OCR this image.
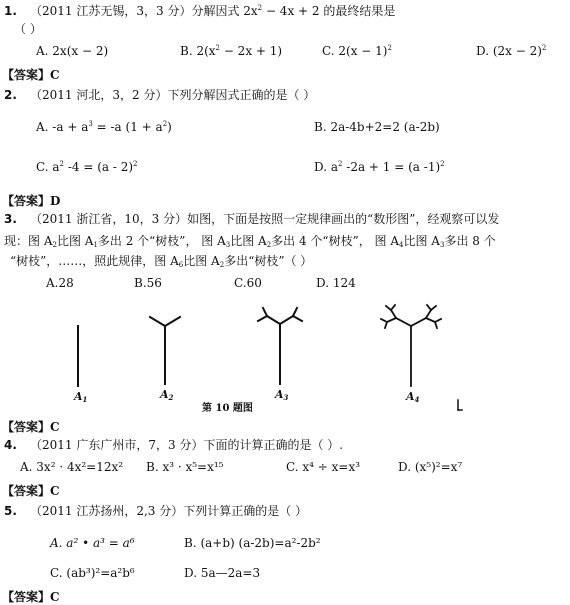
1. （2011 江苏无锡，3，3 分）分解因式 $2x^2 - 4x + 2$ 的最终结果是
（ ）
A. 2x(x − 2)	B. $2(x^2 - 2x + 1)$	C. $2(x - 1)^2$	D. $(2x - 2)^2$
【答案】C
2. （2011 河北，3，2 分）下列分解因式正确的是（ ）
A. $-a + a^3 = -a$ $(1 + a^2)$	B. 2a-4b+2=2 (a-2b)
C. $a^2$ -4 = (a - 2)$^2$	D. $a^2$ -2a + 1 = (a -1)$^2$
【答案】D
3. （2011 浙江省，10，3 分）如图，下面是按照一定规律画出的“数形图”，经观察可以发
现：图 $A_2$比图 $A_1$多出 2 个“树枝”， 图 $A_3$比图 $A_2$多出 4 个“树枝”， 图 $A_4$比图 $A_3$多出 8 个
“树枝”，……，照此规律，图 $A_6$比图 $A_2$多出“树枝”（ ）
A.28	B.56	C.60	D. 124
$A_1$	$A_2$	$A_3$	$A_4$
第 10 题图
【答案】C
4. （2011 广东广州市，7，3 分）下面的计算正确的是（ ）.
A. 3x² · 4x²=12x² B. x³ · x⁵=x¹⁵	C. x⁴ ÷ x=x³	D. (x⁵)²=x⁷
【答案】C
5. （2011 江苏扬州，2,3 分）下列计算正确的是（ ）
A. a² • a³ = a⁶	B. (a+b) (a-2b)=a²-2b²
C. (ab³)²=a²b⁶	D. 5a—2a=3
【答案】C
